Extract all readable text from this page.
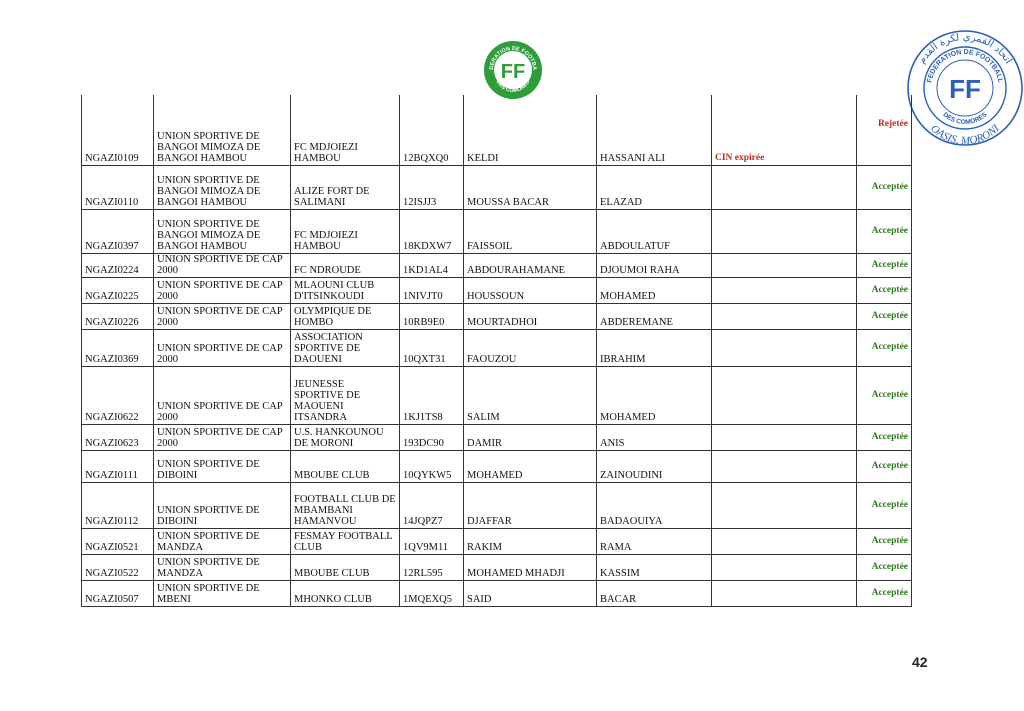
DERATION DE FOOTBA
DES COMORES
FF
اتحاد القمري لكرة القدم
FEDERATION DE FOOTBALL
FF
DES COMORES
OASIS, MORONI
NGAZI0109	UNION SPORTIVE DE BANGOI MIMOZA DE BANGOI HAMBOU	FC MDJOIEZI HAMBOU	12BQXQ0	KELDI	HASSANI ALI	CIN expirée	Rejetée
NGAZI0110	UNION SPORTIVE DE BANGOI MIMOZA DE BANGOI HAMBOU	ALIZE FORT DE SALIMANI	12ISJJ3	MOUSSA BACAR	ELAZAD		Acceptée
NGAZI0397	UNION SPORTIVE DE BANGOI MIMOZA DE BANGOI HAMBOU	FC MDJOIEZI HAMBOU	18KDXW7	FAISSOIL	ABDOULATUF		Acceptée
NGAZI0224	UNION SPORTIVE DE CAP 2000	FC NDROUDE	1KD1AL4	ABDOURAHAMANE	DJOUMOI RAHA		Acceptée
NGAZI0225	UNION SPORTIVE DE CAP 2000	MLAOUNI CLUB D'ITSINKOUDI	1NIVJT0	HOUSSOUN	MOHAMED		Acceptée
NGAZI0226	UNION SPORTIVE DE CAP 2000	OLYMPIQUE DE HOMBO	10RB9E0	MOURTADHOI	ABDEREMANE		Acceptée
NGAZI0369	UNION SPORTIVE DE CAP 2000	ASSOCIATION SPORTIVE DE DAOUENI	10QXT31	FAOUZOU	IBRAHIM		Acceptée
NGAZI0622	UNION SPORTIVE DE CAP 2000	JEUNESSE SPORTIVE DE MAOUENI ITSANDRA	1KJ1TS8	SALIM	MOHAMED		Acceptée
NGAZI0623	UNION SPORTIVE DE CAP 2000	U.S. HANKOUNOU DE MORONI	193DC90	DAMIR	ANIS		Acceptée
NGAZI0111	UNION SPORTIVE DE DIBOINI	MBOUBE CLUB	10QYKW5	MOHAMED	ZAINOUDINI		Acceptée
NGAZI0112	UNION SPORTIVE DE DIBOINI	FOOTBALL CLUB DE MBAMBANI HAMANVOU	14JQPZ7	DJAFFAR	BADAOUIYA		Acceptée
NGAZI0521	UNION SPORTIVE DE MANDZA	FESMAY FOOTBALL CLUB	1QV9M11	RAKIM	RAMA		Acceptée
NGAZI0522	UNION SPORTIVE DE MANDZA	MBOUBE CLUB	12RL595	MOHAMED MHADJI	KASSIM		Acceptée
NGAZI0507	UNION SPORTIVE DE MBENI	MHONKO CLUB	1MQEXQ5	SAID	BACAR		Acceptée
42
